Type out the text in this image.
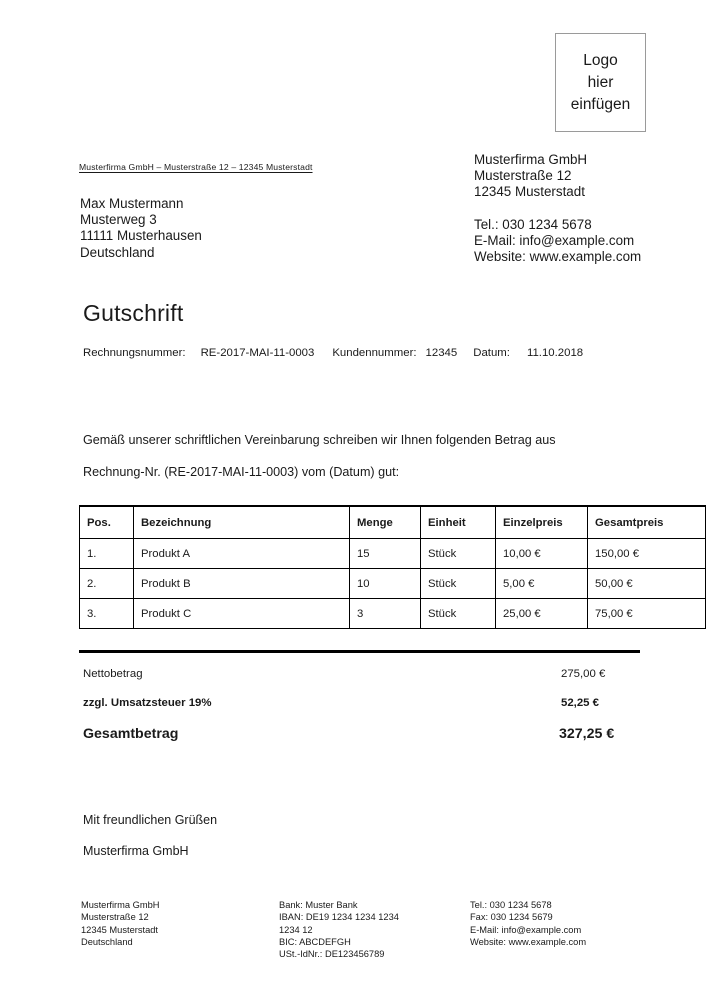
Logo
hier
einfügen
Musterfirma GmbH – Musterstraße 12 – 12345 Musterstadt
Max Mustermann
Musterweg 3
11111 Musterhausen
Deutschland
Musterfirma GmbH
Musterstraße 12
12345 Musterstadt
Tel.: 030 1234 5678
E-Mail: info@example.com
Website: www.example.com
Gutschrift
Rechnungsnummer: RE-2017-MAI-11-0003 Kundennummer: 12345 Datum: 11.10.2018
Gemäß unserer schriftlichen Vereinbarung schreiben wir Ihnen folgenden Betrag aus
Rechnung-Nr. (RE-2017-MAI-11-0003) vom (Datum) gut:
Pos.	Bezeichnung	Menge	Einheit	Einzelpreis	Gesamtpreis
1.	Produkt A	15	Stück	10,00 €	150,00 €
2.	Produkt B	10	Stück	5,00 €	50,00 €
3.	Produkt C	3	Stück	25,00 €	75,00 €
Nettobetrag	275,00 €
zzgl. Umsatzsteuer 19%	52,25 €
Gesamtbetrag	327,25 €
Mit freundlichen Grüßen
Musterfirma GmbH
Musterfirma GmbH
Musterstraße 12
12345 Musterstadt
Deutschland
Bank: Muster Bank
IBAN: DE19 1234 1234 1234
1234 12
BIC: ABCDEFGH
USt.-IdNr.: DE123456789
Tel.: 030 1234 5678
Fax: 030 1234 5679
E-Mail: info@example.com
Website: www.example.com
